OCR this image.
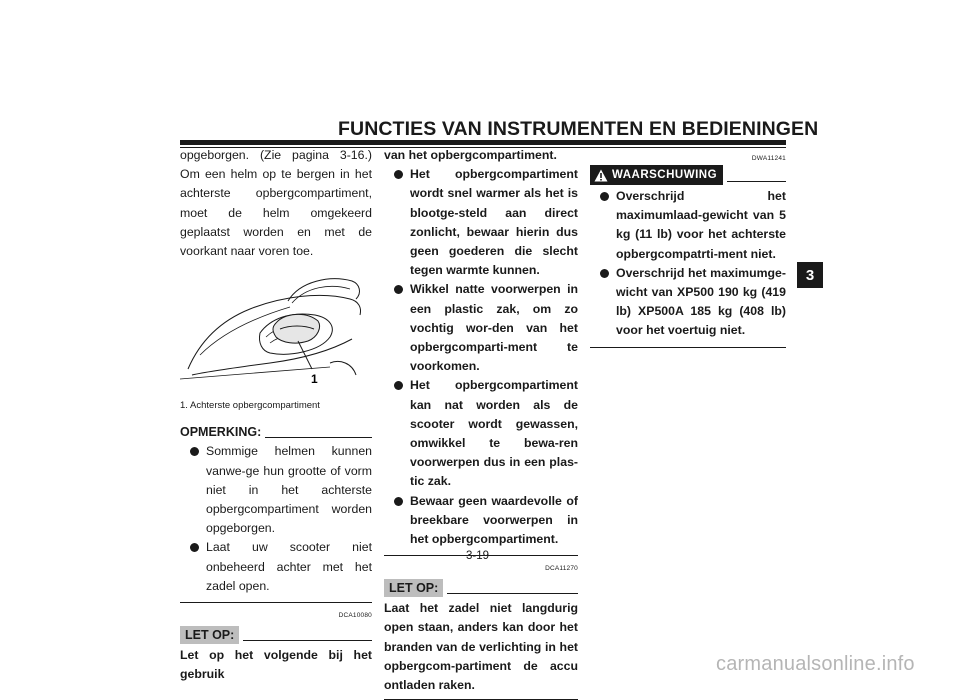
FUNCTIES VAN INSTRUMENTEN EN BEDIENINGEN
3

opgeborgen. (Zie pagina 3-16.) Om een helm op te bergen in het achterste opbergcompartiment, moet de helm omgekeerd geplaatst worden en met de voorkant naar voren toe.

1
1. Achterste opbergcompartiment
OPMERKING:
Sommige helmen kunnen vanwe-ge hun grootte of vorm niet in het achterste opbergcompartiment worden opgeborgen.
Laat uw scooter niet onbeheerd achter met het zadel open.
DCA10080
LET OP:

Let op het volgende bij het gebruik

van het opbergcompartiment.

Het opbergcompartiment wordt snel warmer als het is blootge-steld aan direct zonlicht, bewaar hierin dus geen goederen die slecht tegen warmte kunnen.
Wikkel natte voorwerpen in een plastic zak, om zo vochtig wor-den van het opbergcomparti-ment te voorkomen.
Het opbergcompartiment kan nat worden als de scooter wordt gewassen, omwikkel te bewa-ren voorwerpen dus in een plas-tic zak.
Bewaar geen waardevolle of breekbare voorwerpen in het opbergcompartiment.
DCA11270
LET OP:

Laat het zadel niet langdurig open staan, anders kan door het branden van de verlichting in het opbergcom-partiment de accu ontladen raken.

DWA11241
WAARSCHUWING
Overschrijd het maximumlaad-gewicht van 5 kg (11 lb) voor het achterste opbergcompatrti-ment niet.
Overschrijd het maximumge-wicht van XP500 190 kg (419 lb) XP500A 185 kg (408 lb) voor het voertuig niet.
3-19
carmanualsonline.info
